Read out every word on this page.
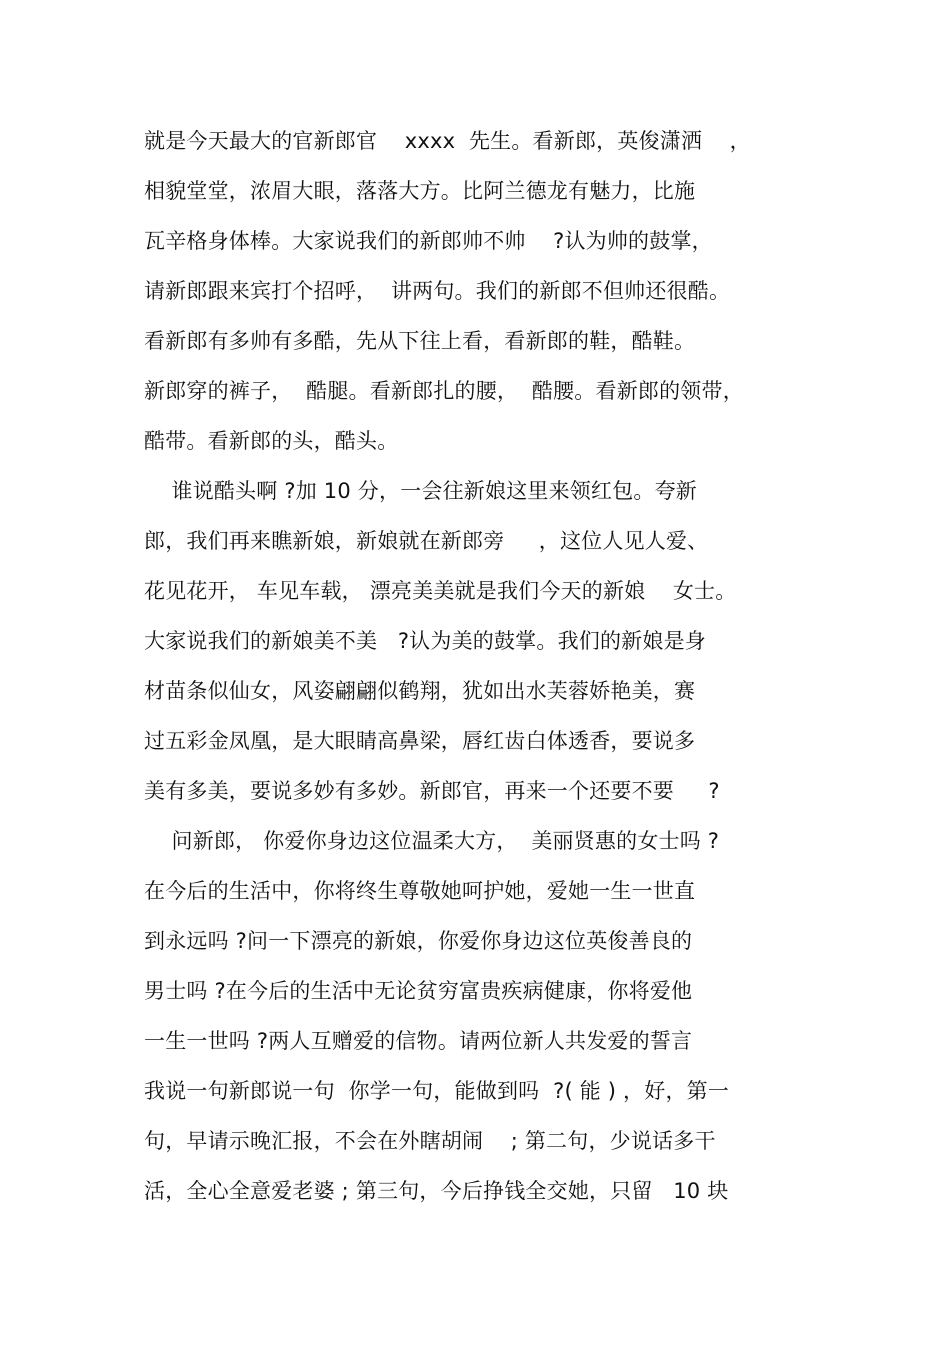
就是今天最大的官新郎官    xxxx  先生。看新郎，英俊潇洒    ，
相貌堂堂，浓眉大眼，落落大方。比阿兰德龙有魅力，比施
瓦辛格身体棒。大家说我们的新郎帅不帅    ?认为帅的鼓掌，
请新郎跟来宾打个招呼，  讲两句。我们的新郎不但帅还很酷。
看新郎有多帅有多酷，先从下往上看，看新郎的鞋，酷鞋。
新郎穿的裤子，  酷腿。看新郎扎的腰，  酷腰。看新郎的领带，
酷带。看新郎的头，酷头。
谁说酷头啊 ?加 10 分，一会往新娘这里来领红包。夸新
郎，我们再来瞧新娘，新娘就在新郎旁     ，这位人见人爱、
花见花开， 车见车载， 漂亮美美就是我们今天的新娘    女士。
大家说我们的新娘美不美   ?认为美的鼓掌。我们的新娘是身
材苗条似仙女，风姿翩翩似鹤翔，犹如出水芙蓉娇艳美，赛
过五彩金凤凰，是大眼睛高鼻梁，唇红齿白体透香，要说多
美有多美，要说多妙有多妙。新郎官，再来一个还要不要     ?
问新郎， 你爱你身边这位温柔大方，  美丽贤惠的女士吗 ?
在今后的生活中，你将终生尊敬她呵护她，爱她一生一世直
到永远吗 ?问一下漂亮的新娘，你爱你身边这位英俊善良的
男士吗 ?在今后的生活中无论贫穷富贵疾病健康，你将爱他
一生一世吗 ?两人互赠爱的信物。请两位新人共发爱的誓言
我说一句新郎说一句  你学一句，能做到吗  ?( 能 ) ，好，第一
句，早请示晚汇报，不会在外瞎胡闹    ; 第二句，少说话多干
活，全心全意爱老婆 ; 第三句，今后挣钱全交她，只留   10 块
